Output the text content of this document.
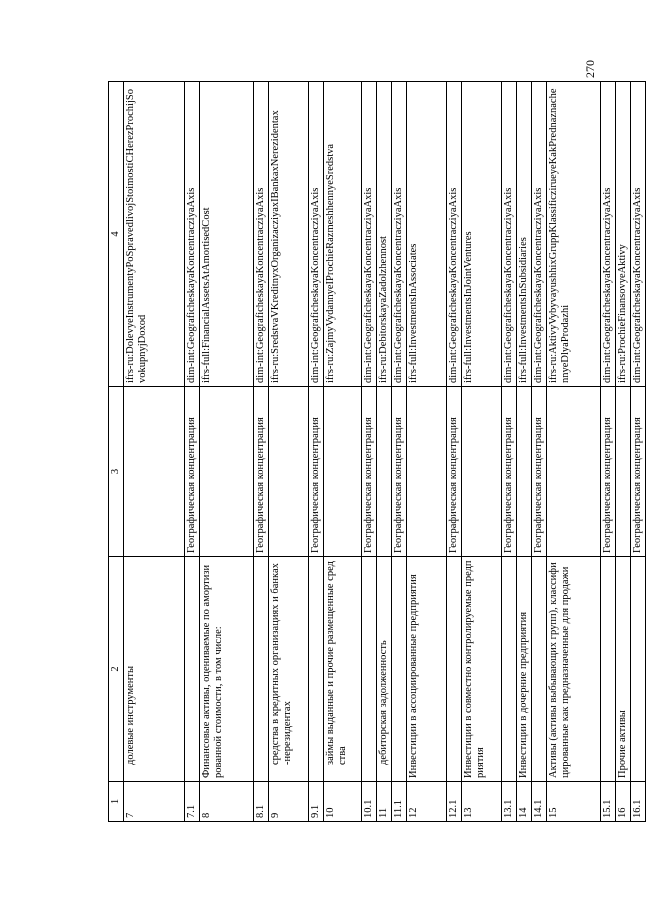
270
1	2	3	4
7	долевые инструменты		ifrs-ru:DolevyeInstrumentyPoSpravedlivojStoimostiCHerezProchijSovokupnyjDoxod
7.1		Географическая концентрация	dim-int:GeograficheskayaKoncentracziyaAxis
8	Финансовые активы, оцениваемые по амортизированной стоимости, в том числе:		ifrs-full:FinancialAssetsAtAmortisedCost
8.1		Географическая концентрация	dim-int:GeograficheskayaKoncentracziyaAxis
9	средства в кредитных организациях и банках-нерезидентах		ifrs-ru:SredstvaVKreditnyxOrganizacziyaxIBankaxNerezidentax
9.1		Географическая концентрация	dim-int:GeograficheskayaKoncentracziyaAxis
10	займы выданные и прочие размещенные средства		ifrs-ru:ZajmyVydannyeIProchieRazmeshhennyeSredstva
10.1		Географическая концентрация	dim-int:GeograficheskayaKoncentracziyaAxis
11	дебиторская задолженность		ifrs-ru:DebitorskayaZadolzhennost
11.1		Географическая концентрация	dim-int:GeograficheskayaKoncentracziyaAxis
12	Инвестиции в ассоциированные предприятия		ifrs-full:InvestmentsInAssociates
12.1		Географическая концентрация	dim-int:GeograficheskayaKoncentracziyaAxis
13	Инвестиции в совместно контролируемые предприятия		ifrs-full:InvestmentsInJointVentures
13.1		Географическая концентрация	dim-int:GeograficheskayaKoncentracziyaAxis
14	Инвестиции в дочерние предприятия		ifrs-full:InvestmentsInSubsidiaries
14.1		Географическая концентрация	dim-int:GeograficheskayaKoncentracziyaAxis
15	Активы (активы выбывающих групп), классифицированные как предназначенные для продажи		ifrs-ru:AktivyVybyvayushhixGruppKlassificzirueyeKakPrednaznachennyeDlyaProdazhi
15.1		Географическая концентрация	dim-int:GeograficheskayaKoncentracziyaAxis
16	Прочие активы		ifrs-ru:ProchieFinansovyeAktivy
16.1		Географическая концентрация	dim-int:GeograficheskayaKoncentracziyaAxis
